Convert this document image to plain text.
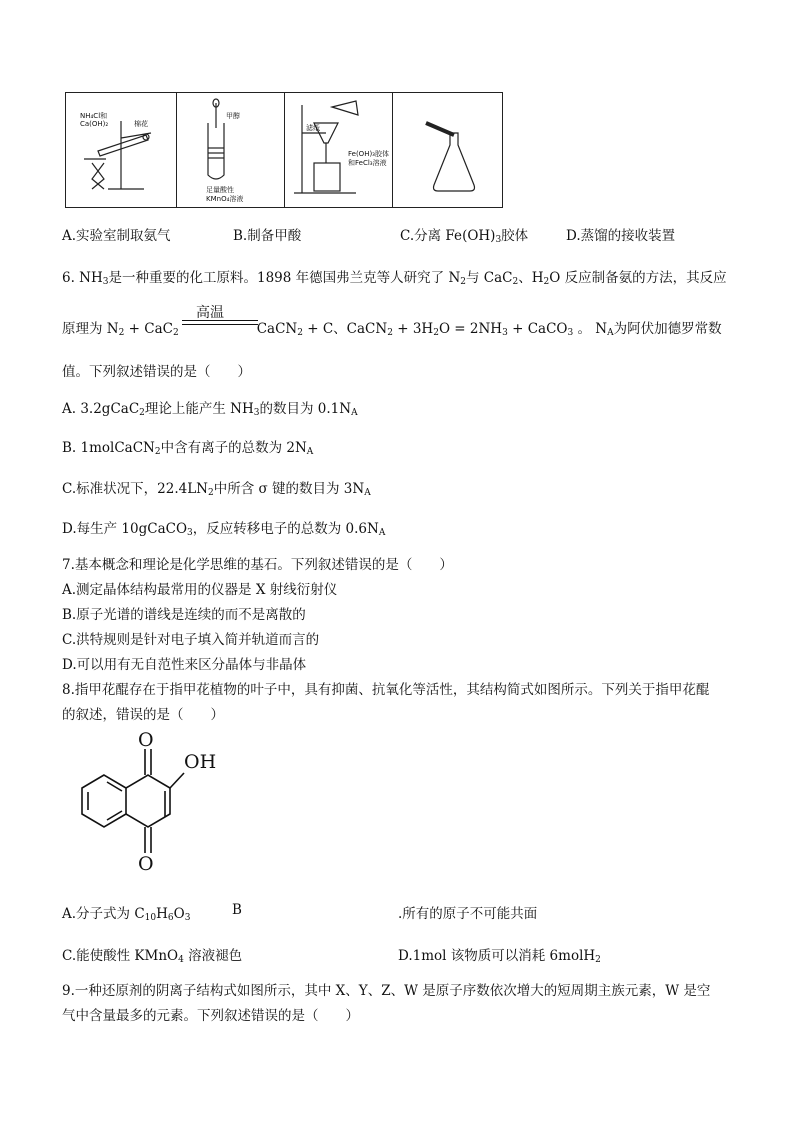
NH₄Cl和
Ca(OH)₂	棉花
甲醇
足量酸性
KMnO₄溶液
滤纸
Fe(OH)₃胶体
和FeCl₃溶液
A.实验室制取氨气	B.制备甲酸	C.分离 $Fe(OH)_3$胶体	D.蒸馏的接收装置
6. $NH_3$是一种重要的化工原料。1898 年德国弗兰克等人研究了 $N_2$与 CaC$_2$、$H_2O$ 反应制备氨的方法，其反应
高温
原理为 $N_2 + CaC_2$	CaCN$_2$ + C、CaCN$_2$ + $3H_2O = 2NH_3$ + CaCO$_3$ 。 $N_A$为阿伏加德罗常数
值。下列叙述错误的是（　　）
A. 3.2gCaC$_2$理论上能产生 $NH_3$的数目为 $0.1N_A$
B. 1molCaCN$_2$中含有离子的总数为 $2N_A$
C.标准状况下，$22.4LN_2$中所含 σ 键的数目为 $3N_A$
D.每生产 10gCaCO$_3$，反应转移电子的总数为 $0.6N_A$
7.基本概念和理论是化学思维的基石。下列叙述错误的是（　　）
A.测定晶体结构最常用的仪器是 X 射线衍射仪
B.原子光谱的谱线是连续的而不是离散的
C.洪特规则是针对电子填入简并轨道而言的
D.可以用有无自范性来区分晶体与非晶体
8.指甲花醌存在于指甲花植物的叶子中，具有抑菌、抗氧化等活性，其结构简式如图所示。下列关于指甲花醌
的叙述，错误的是（　　）
O
OH
O
A.分子式为 $C_{10}H_6O_3$	B	.所有的原子不可能共面
C.能使酸性 KMnO$_4$ 溶液褪色	D.1mol 该物质可以消耗 6molH$_2$
9.一种还原剂的阴离子结构式如图所示，其中 X、Y、Z、W 是原子序数依次增大的短周期主族元素，W 是空
气中含量最多的元素。下列叙述错误的是（　　）
